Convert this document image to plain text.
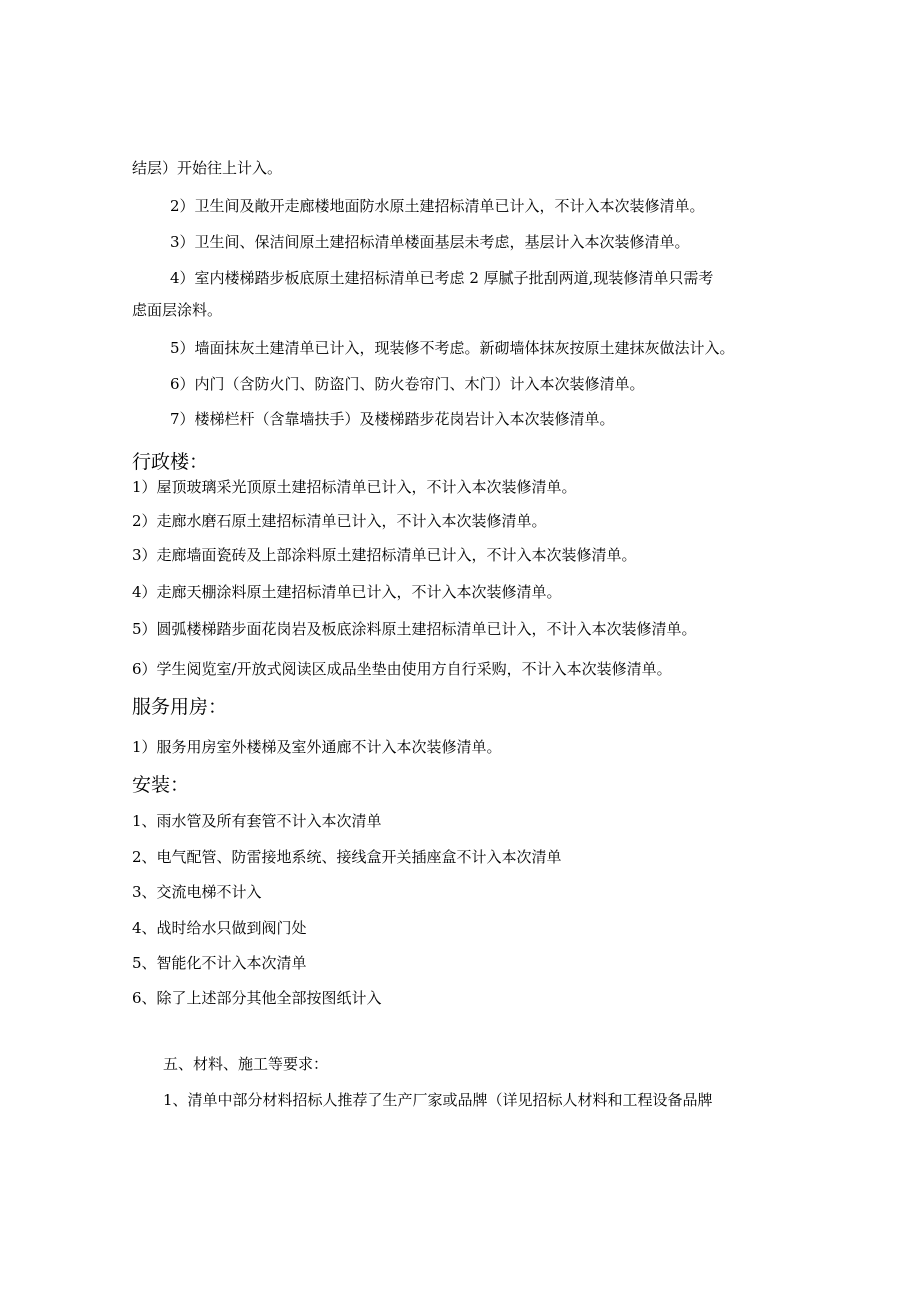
结层）开始往上计入。
2）卫生间及敞开走廊楼地面防水原土建招标清单已计入，不计入本次装修清单。
3）卫生间、保洁间原土建招标清单楼面基层未考虑，基层计入本次装修清单。
4）室内楼梯踏步板底原土建招标清单已考虑 2 厚腻子批刮两道,现装修清单只需考
虑面层涂料。
5）墙面抹灰土建清单已计入，现装修不考虑。新砌墙体抹灰按原土建抹灰做法计入。
6）内门（含防火门、防盗门、防火卷帘门、木门）计入本次装修清单。
7）楼梯栏杆（含靠墙扶手）及楼梯踏步花岗岩计入本次装修清单。
行政楼：
1）屋顶玻璃采光顶原土建招标清单已计入，不计入本次装修清单。
2）走廊水磨石原土建招标清单已计入，不计入本次装修清单。
3）走廊墙面瓷砖及上部涂料原土建招标清单已计入，不计入本次装修清单。
4）走廊天棚涂料原土建招标清单已计入，不计入本次装修清单。
5）圆弧楼梯踏步面花岗岩及板底涂料原土建招标清单已计入，不计入本次装修清单。
6）学生阅览室/开放式阅读区成品坐垫由使用方自行采购，不计入本次装修清单。
服务用房：
1）服务用房室外楼梯及室外通廊不计入本次装修清单。
安装：
1、雨水管及所有套管不计入本次清单
2、电气配管、防雷接地系统、接线盒开关插座盒不计入本次清单
3、交流电梯不计入
4、战时给水只做到阀门处
5、智能化不计入本次清单
6、除了上述部分其他全部按图纸计入
五、材料、施工等要求：
1、清单中部分材料招标人推荐了生产厂家或品牌（详见招标人材料和工程设备品牌
